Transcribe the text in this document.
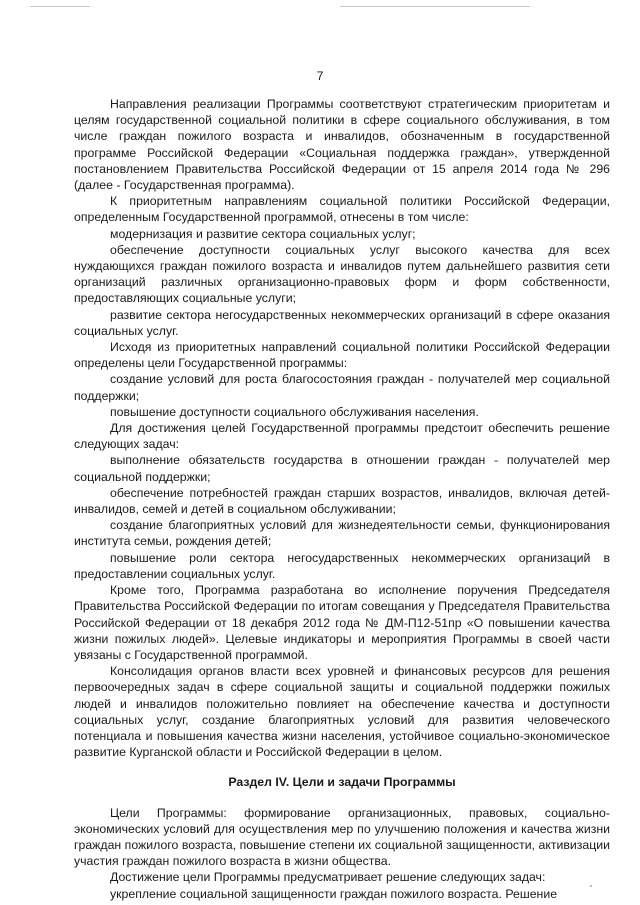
7

Направления реализации Программы соответствуют стратегическим приоритетам и целям государственной социальной политики в сфере социального обслуживания, в том числе граждан пожилого возраста и инвалидов, обозначенным в государственной программе Российской Федерации «Социальная поддержка граждан», утвержденной постановлением Правительства Российской Федерации от 15 апреля 2014 года № 296 (далее - Государственная программа).

К приоритетным направлениям социальной политики Российской Федерации, определенным Государственной программой, отнесены в том числе:

модернизация и развитие сектора социальных услуг;

обеспечение доступности социальных услуг высокого качества для всех нуждающихся граждан пожилого возраста и инвалидов путем дальнейшего развития сети организаций различных организационно-правовых форм и форм собственности, предоставляющих социальные услуги;

развитие сектора негосударственных некоммерческих организаций в сфере оказания социальных услуг.

Исходя из приоритетных направлений социальной политики Российской Федерации определены цели Государственной программы:

создание условий для роста благосостояния граждан - получателей мер социальной поддержки;

повышение доступности социального обслуживания населения.

Для достижения целей Государственной программы предстоит обеспечить решение следующих задач:

выполнение обязательств государства в отношении граждан - получателей мер социальной поддержки;

обеспечение потребностей граждан старших возрастов, инвалидов, включая детей-инвалидов, семей и детей в социальном обслуживании;

создание благоприятных условий для жизнедеятельности семьи, функционирования института семьи, рождения детей;

повышение роли сектора негосударственных некоммерческих организаций в предоставлении социальных услуг.

Кроме того, Программа разработана во исполнение поручения Председателя Правительства Российской Федерации по итогам совещания у Председателя Правительства Российской Федерации от 18 декабря 2012 года № ДМ-П12-51пр «О повышении качества жизни пожилых людей». Целевые индикаторы и мероприятия Программы в своей части увязаны с Государственной программой.

Консолидация органов власти всех уровней и финансовых ресурсов для решения первоочередных задач в сфере социальной защиты и социальной поддержки пожилых людей и инвалидов положительно повлияет на обеспечение качества и доступности социальных услуг, создание благоприятных условий для развития человеческого потенциала и повышения качества жизни населения, устойчивое социально-экономическое развитие Курганской области и Российской Федерации в целом.

Раздел IV. Цели и задачи Программы

Цели Программы: формирование организационных, правовых, социально-экономических условий для осуществления мер по улучшению положения и качества жизни граждан пожилого возраста, повышение степени их социальной защищенности, активизации участия граждан пожилого возраста в жизни общества.

Достижение цели Программы предусматривает решение следующих задач:

укрепление социальной защищенности граждан пожилого возраста. Решение
